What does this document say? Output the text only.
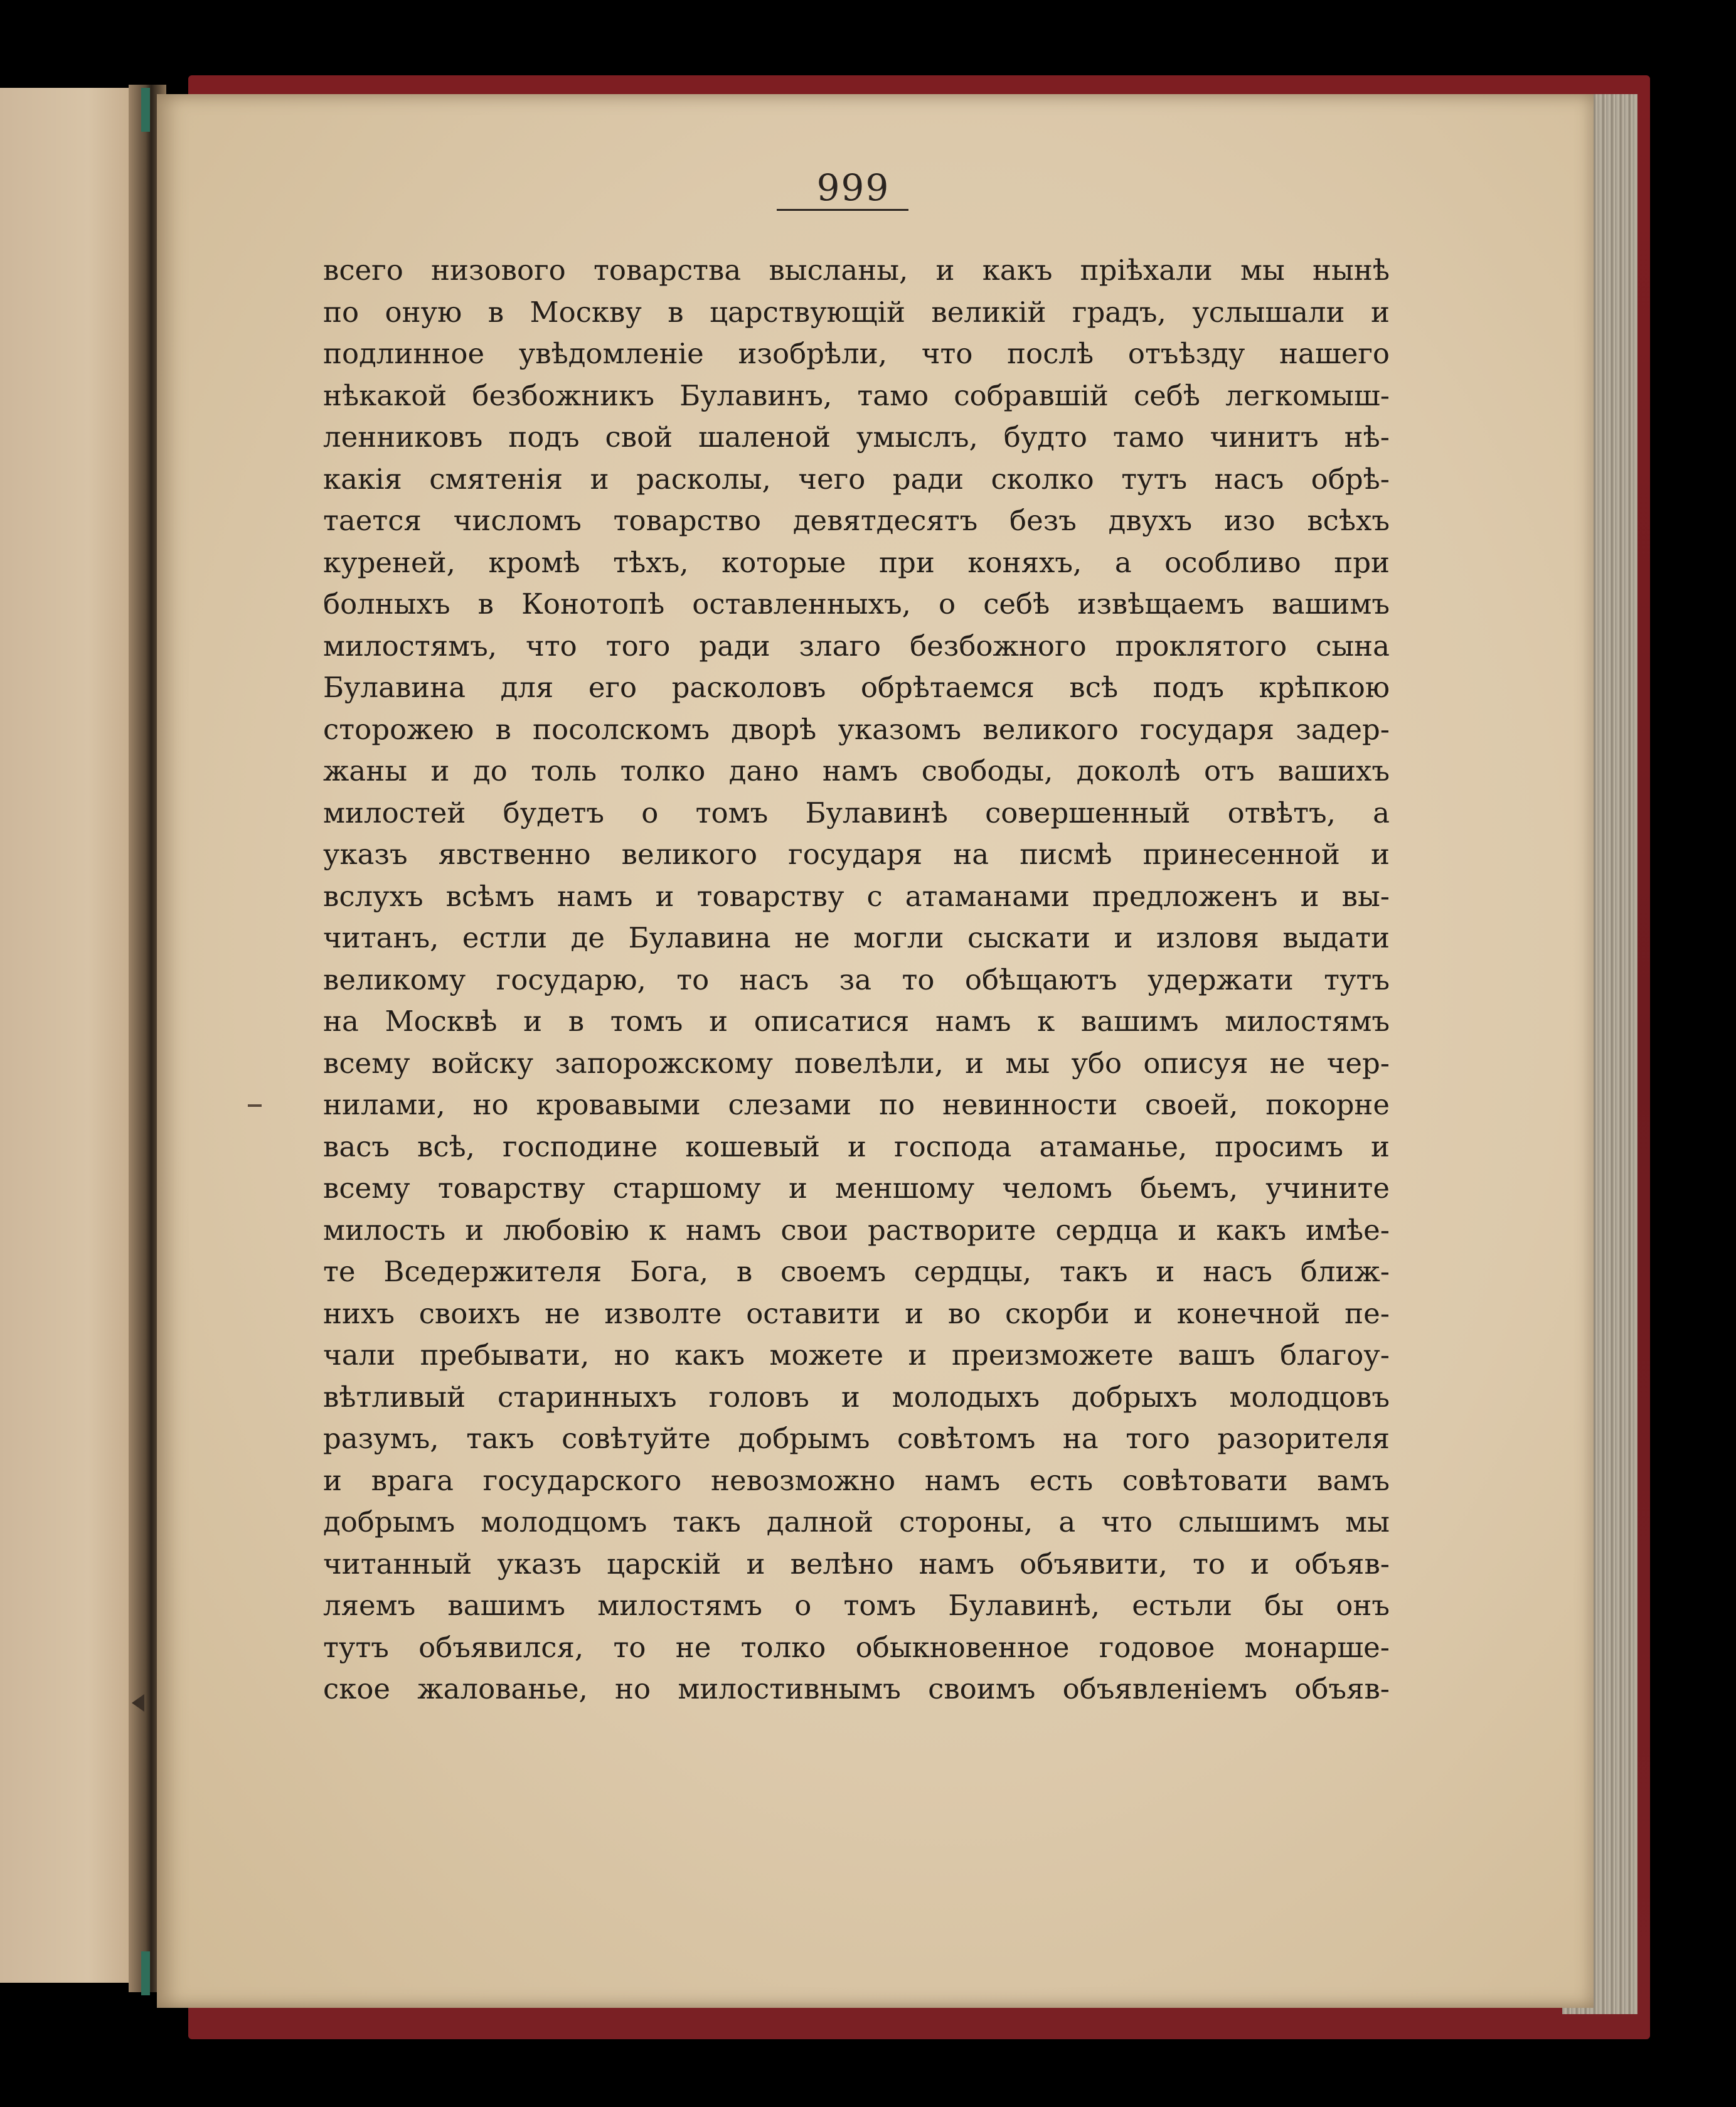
999
всего низового товарства высланы, и какъ пріѣхали мы нынѣ
по оную в Москву в царствующій великій градъ, услышали и
подлинное увѣдомленіе изобрѣли, что послѣ отъѣзду нашего
нѣкакой безбожникъ Булавинъ, тамо собравшій себѣ легкомыш-
ленниковъ подъ свой шаленой умыслъ, будто тамо чинитъ нѣ-
какія смятенія и расколы, чего ради сколко тутъ насъ обрѣ-
тается числомъ товарство девятдесятъ безъ двухъ изо всѣхъ
куреней, кромѣ тѣхъ, которые при коняхъ, а особливо при
болныхъ в Конотопѣ оставленныхъ, о себѣ извѣщаемъ вашимъ
милостямъ, что того ради злаго безбожного проклятого сына
Булавина для его расколовъ обрѣтаемся всѣ подъ крѣпкою
сторожею в посолскомъ дворѣ указомъ великого государя задер-
жаны и до толь толко дано намъ свободы, доколѣ отъ вашихъ
милостей будетъ о томъ Булавинѣ совершенный отвѣтъ, а
указъ явственно великого государя на писмѣ принесенной и
вслухъ всѣмъ намъ и товарству с атаманами предложенъ и вы-
читанъ, естли де Булавина не могли сыскати и изловя выдати
великому государю, то насъ за то обѣщаютъ удержати тутъ
на Москвѣ и в томъ и описатися намъ к вашимъ милостямъ
всему войску запорожскому повелѣли, и мы убо описуя не чер-
нилами, но кровавыми слезами по невинности своей, покорне
васъ всѣ, господине кошевый и господа атаманье, просимъ и
всему товарству старшому и меншому челомъ бьемъ, учините
милость и любовію к намъ свои растворите сердца и какъ имѣе-
те Вседержителя Бога, в своемъ сердцы, такъ и насъ ближ-
нихъ своихъ не изволте оставити и во скорби и конечной пе-
чали пребывати, но какъ можете и преизможете вашъ благоу-
вѣтливый старинныхъ головъ и молодыхъ добрыхъ молодцовъ
разумъ, такъ совѣтуйте добрымъ совѣтомъ на того разорителя
и врага государского невозможно намъ есть совѣтовати вамъ
добрымъ молодцомъ такъ далной стороны, а что слышимъ мы
читанный указъ царскій и велѣно намъ объявити, то и объяв-
ляемъ вашимъ милостямъ о томъ Булавинѣ, естьли бы онъ
тутъ объявился, то не толко обыкновенное годовое монарше-
ское жалованье, но милостивнымъ своимъ объявленіемъ объяв-
